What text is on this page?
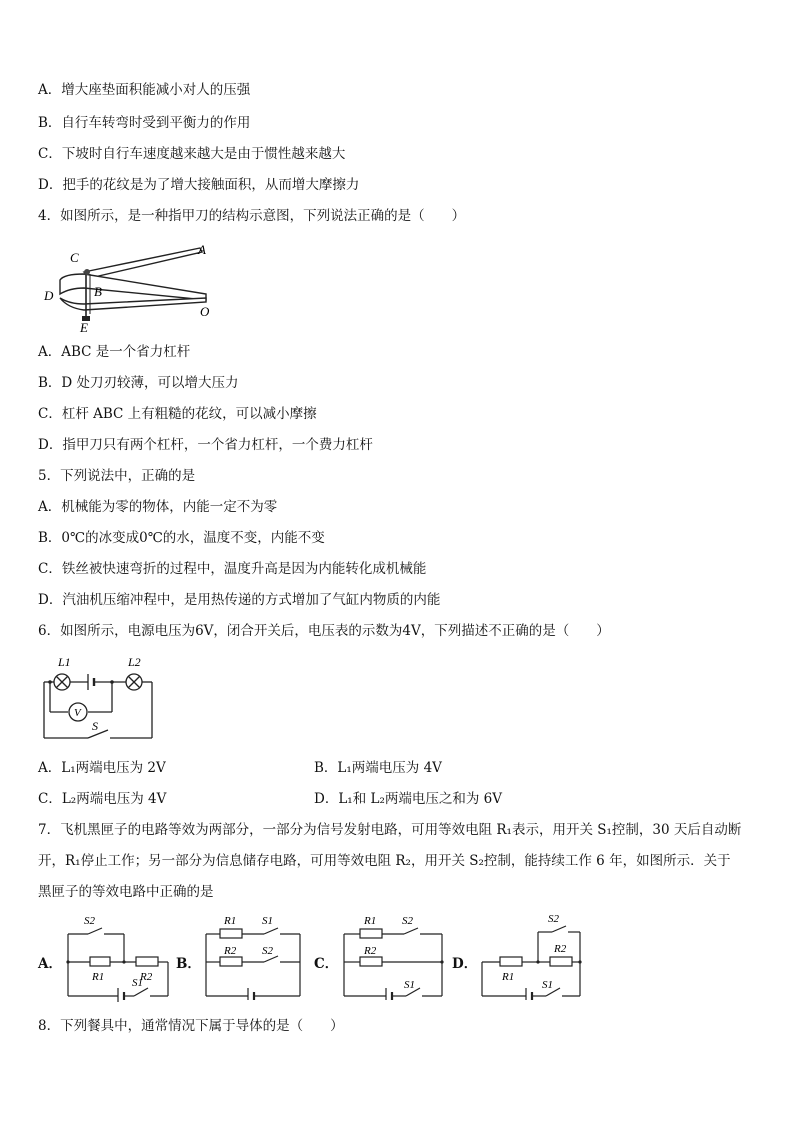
A．增大座垫面积能减小对人的压强
B．自行车转弯时受到平衡力的作用
C．下坡时自行车速度越来越大是由于惯性越来越大
D．把手的花纹是为了增大接触面积，从而增大摩擦力
4．如图所示，是一种指甲刀的结构示意图，下列说法正确的是（　　）
C
A
B
D
E
O
A．ABC 是一个省力杠杆
B．D 处刀刃较薄，可以增大压力
C．杠杆 ABC 上有粗糙的花纹，可以减小摩擦
D．指甲刀只有两个杠杆，一个省力杠杆，一个费力杠杆
5．下列说法中，正确的是
A．机械能为零的物体，内能一定不为零
B．0℃的冰变成0℃的水，温度不变，内能不变
C．铁丝被快速弯折的过程中，温度升高是因为内能转化成机械能
D．汽油机压缩冲程中，是用热传递的方式增加了气缸内物质的内能
6．如图所示，电源电压为6V，闭合开关后，电压表的示数为4V，下列描述不正确的是（　　）
L1	L2
V
S
A．L₁两端电压为 2V	B．L₁两端电压为 4V
C．L₂两端电压为 4V	D．L₁和 L₂两端电压之和为 6V
7．飞机黑匣子的电路等效为两部分，一部分为信号发射电路，可用等效电阻 R₁表示，用开关 S₁控制，30 天后自动断
开，R₁停止工作；另一部分为信息储存电路，可用等效电阻 R₂，用开关 S₂控制，能持续工作 6 年，如图所示．关于
黑匣子的等效电路中正确的是
A．
S2
R1	R2
S1
B．
R1 S1
R2 S2
C．
R1 S2
R2
S1
D．
S2
R2
R1
S1
8．下列餐具中，通常情况下属于导体的是（　　）
